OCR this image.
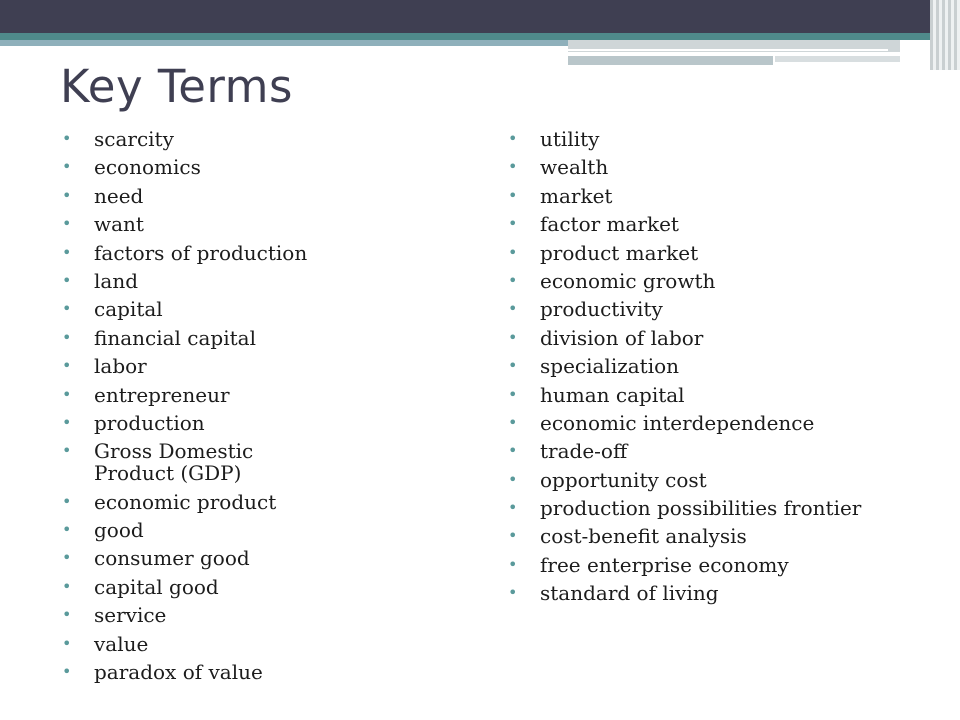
Key Terms
• scarcity
• economics
• need
• want
• factors of production
• land
• capital
• financial capital
• labor
• entrepreneur
• production
• Gross Domestic Product (GDP)
• economic product
• good
• consumer good
• capital good
• service
• value
• paradox of value
• utility
• wealth
• market
• factor market
• product market
• economic growth
• productivity
• division of labor
• specialization
• human capital
• economic interdependence
• trade-off
• opportunity cost
• production possibilities frontier
• cost-benefit analysis
• free enterprise economy
• standard of living
